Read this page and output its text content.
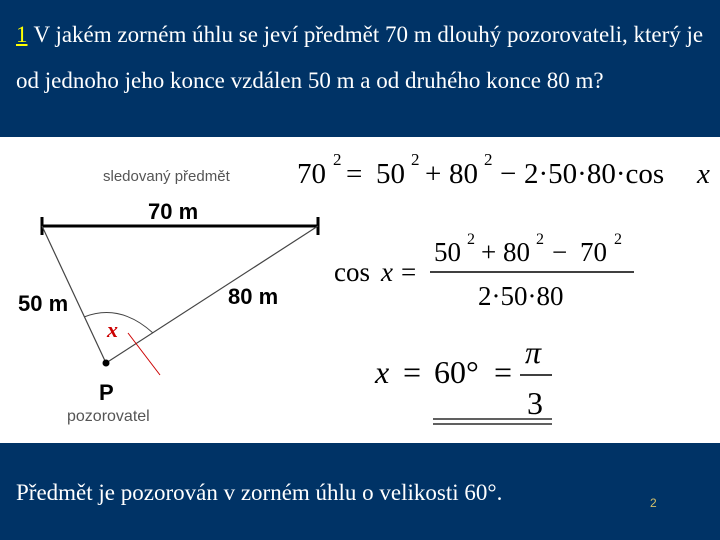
1 V jakém zorném úhlu se jeví předmět 70 m dlouhý pozorovateli, který je od jednoho jeho konce vzdálen 50 m a od druhého konce 80 m?
sledovaný předmět
70 m
50 m	80 m
x
P
pozorovatel
70 2 = 50 2 + 80 2 − 2·50·80·cos x
cos x =
50 2 + 80 2 − 70 2
2·50·80
x = 60° =
π
3
Předmět je pozorován v zorném úhlu o velikosti 60°.	2
